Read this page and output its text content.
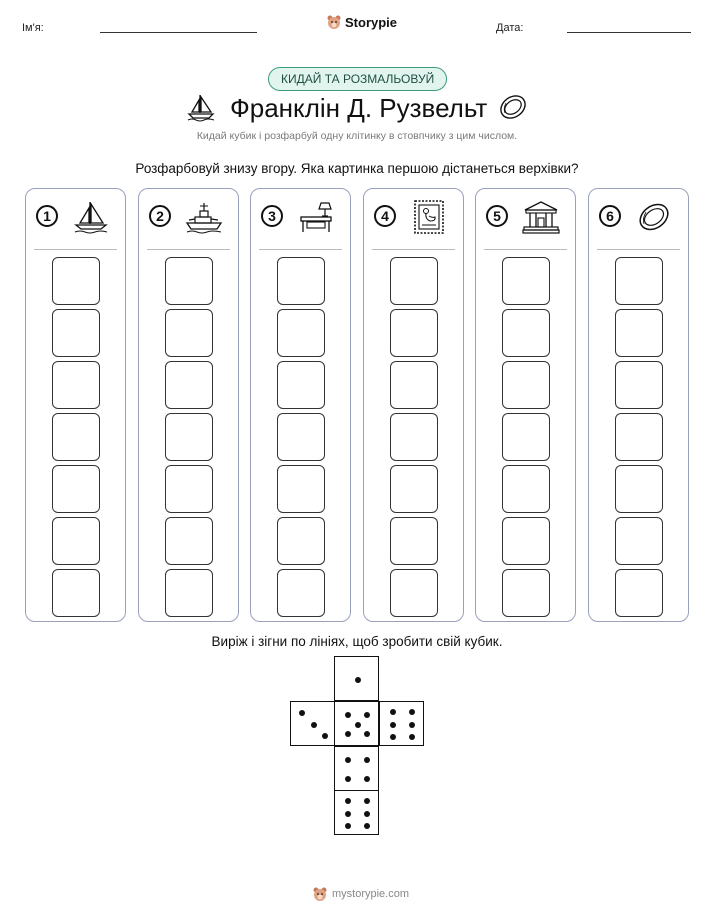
Ім'я:	Storypie	Дата:
КИДАЙ ТА РОЗМАЛЬОВУЙ
Франклін Д. Рузвельт
Кидай кубик і розфарбуй одну клітинку в стовпчику з цим числом.
Розфарбовуй знизу вгору. Яка картинка першою дістанеться верхівки?
1	2	3	4	5	6
Виріж і зігни по лініях, щоб зробити свій кубик.
mystorypie.com
